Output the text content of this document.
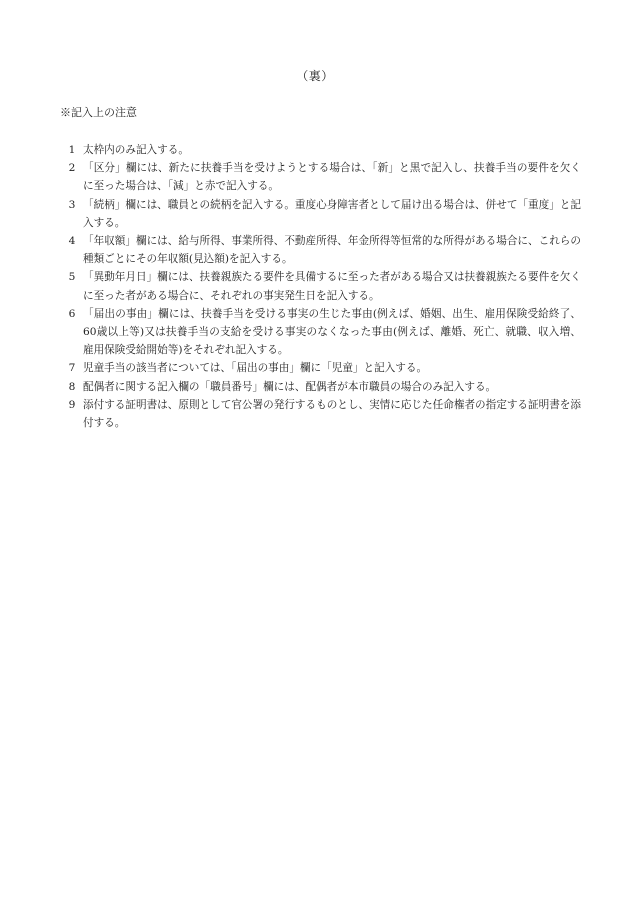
（裏）
※記入上の注意
1 太枠内のみ記入する。
2 「区分」欄には、新たに扶養手当を受けようとする場合は、「新」と黒で記入し、扶養手当の要件を欠くに至った場合は、「減」と赤で記入する。
3 「続柄」欄には、職員との続柄を記入する。重度心身障害者として届け出る場合は、併せて「重度」と記入する。
4 「年収額」欄には、給与所得、事業所得、不動産所得、年金所得等恒常的な所得がある場合に、これらの種類ごとにその年収額(見込額)を記入する。
5 「異動年月日」欄には、扶養親族たる要件を具備するに至った者がある場合又は扶養親族たる要件を欠くに至った者がある場合に、それぞれの事実発生日を記入する。
6 「届出の事由」欄には、扶養手当を受ける事実の生じた事由(例えば、婚姻、出生、雇用保険受給終了、60歳以上等)又は扶養手当の支給を受ける事実のなくなった事由(例えば、離婚、死亡、就職、収入増、雇用保険受給開始等)をそれぞれ記入する。
7 児童手当の該当者については、「届出の事由」欄に「児童」と記入する。
8 配偶者に関する記入欄の「職員番号」欄には、配偶者が本市職員の場合のみ記入する。
9 添付する証明書は、原則として官公署の発行するものとし、実情に応じた任命権者の指定する証明書を添付する。
